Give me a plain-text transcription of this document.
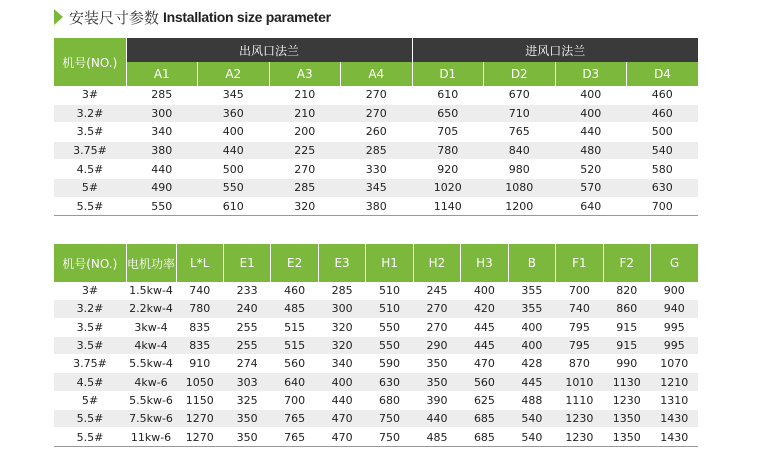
安装尺寸参数 Installation size parameter
机号(NO.)	出风口法兰				进风口法兰			
	A1	A2	A3	A4	D1	D2	D3	D4
3#	285	345	210	270	610	670	400	460
3.2#	300	360	210	270	650	710	400	460
3.5#	340	400	200	260	705	765	440	500
3.75#	380	440	225	285	780	840	480	540
4.5#	440	500	270	330	920	980	520	580
5#	490	550	285	345	1020	1080	570	630
5.5#	550	610	320	380	1140	1200	640	700
机号(NO.)	电机功率	L*L	E1	E2	E3	H1	H2	H3	B	F1	F2	G
3#	1.5kw-4	740	233	460	285	510	245	400	355	700	820	900
3.2#	2.2kw-4	780	240	485	300	510	270	420	355	740	860	940
3.5#	3kw-4	835	255	515	320	550	270	445	400	795	915	995
3.5#	4kw-4	835	255	515	320	550	290	445	400	795	915	995
3.75#	5.5kw-4	910	274	560	340	590	350	470	428	870	990	1070
4.5#	4kw-6	1050	303	640	400	630	350	560	445	1010	1130	1210
5#	5.5kw-6	1150	325	700	440	680	390	625	488	1110	1230	1310
5.5#	7.5kw-6	1270	350	765	470	750	440	685	540	1230	1350	1430
5.5#	11kw-6	1270	350	765	470	750	485	685	540	1230	1350	1430
